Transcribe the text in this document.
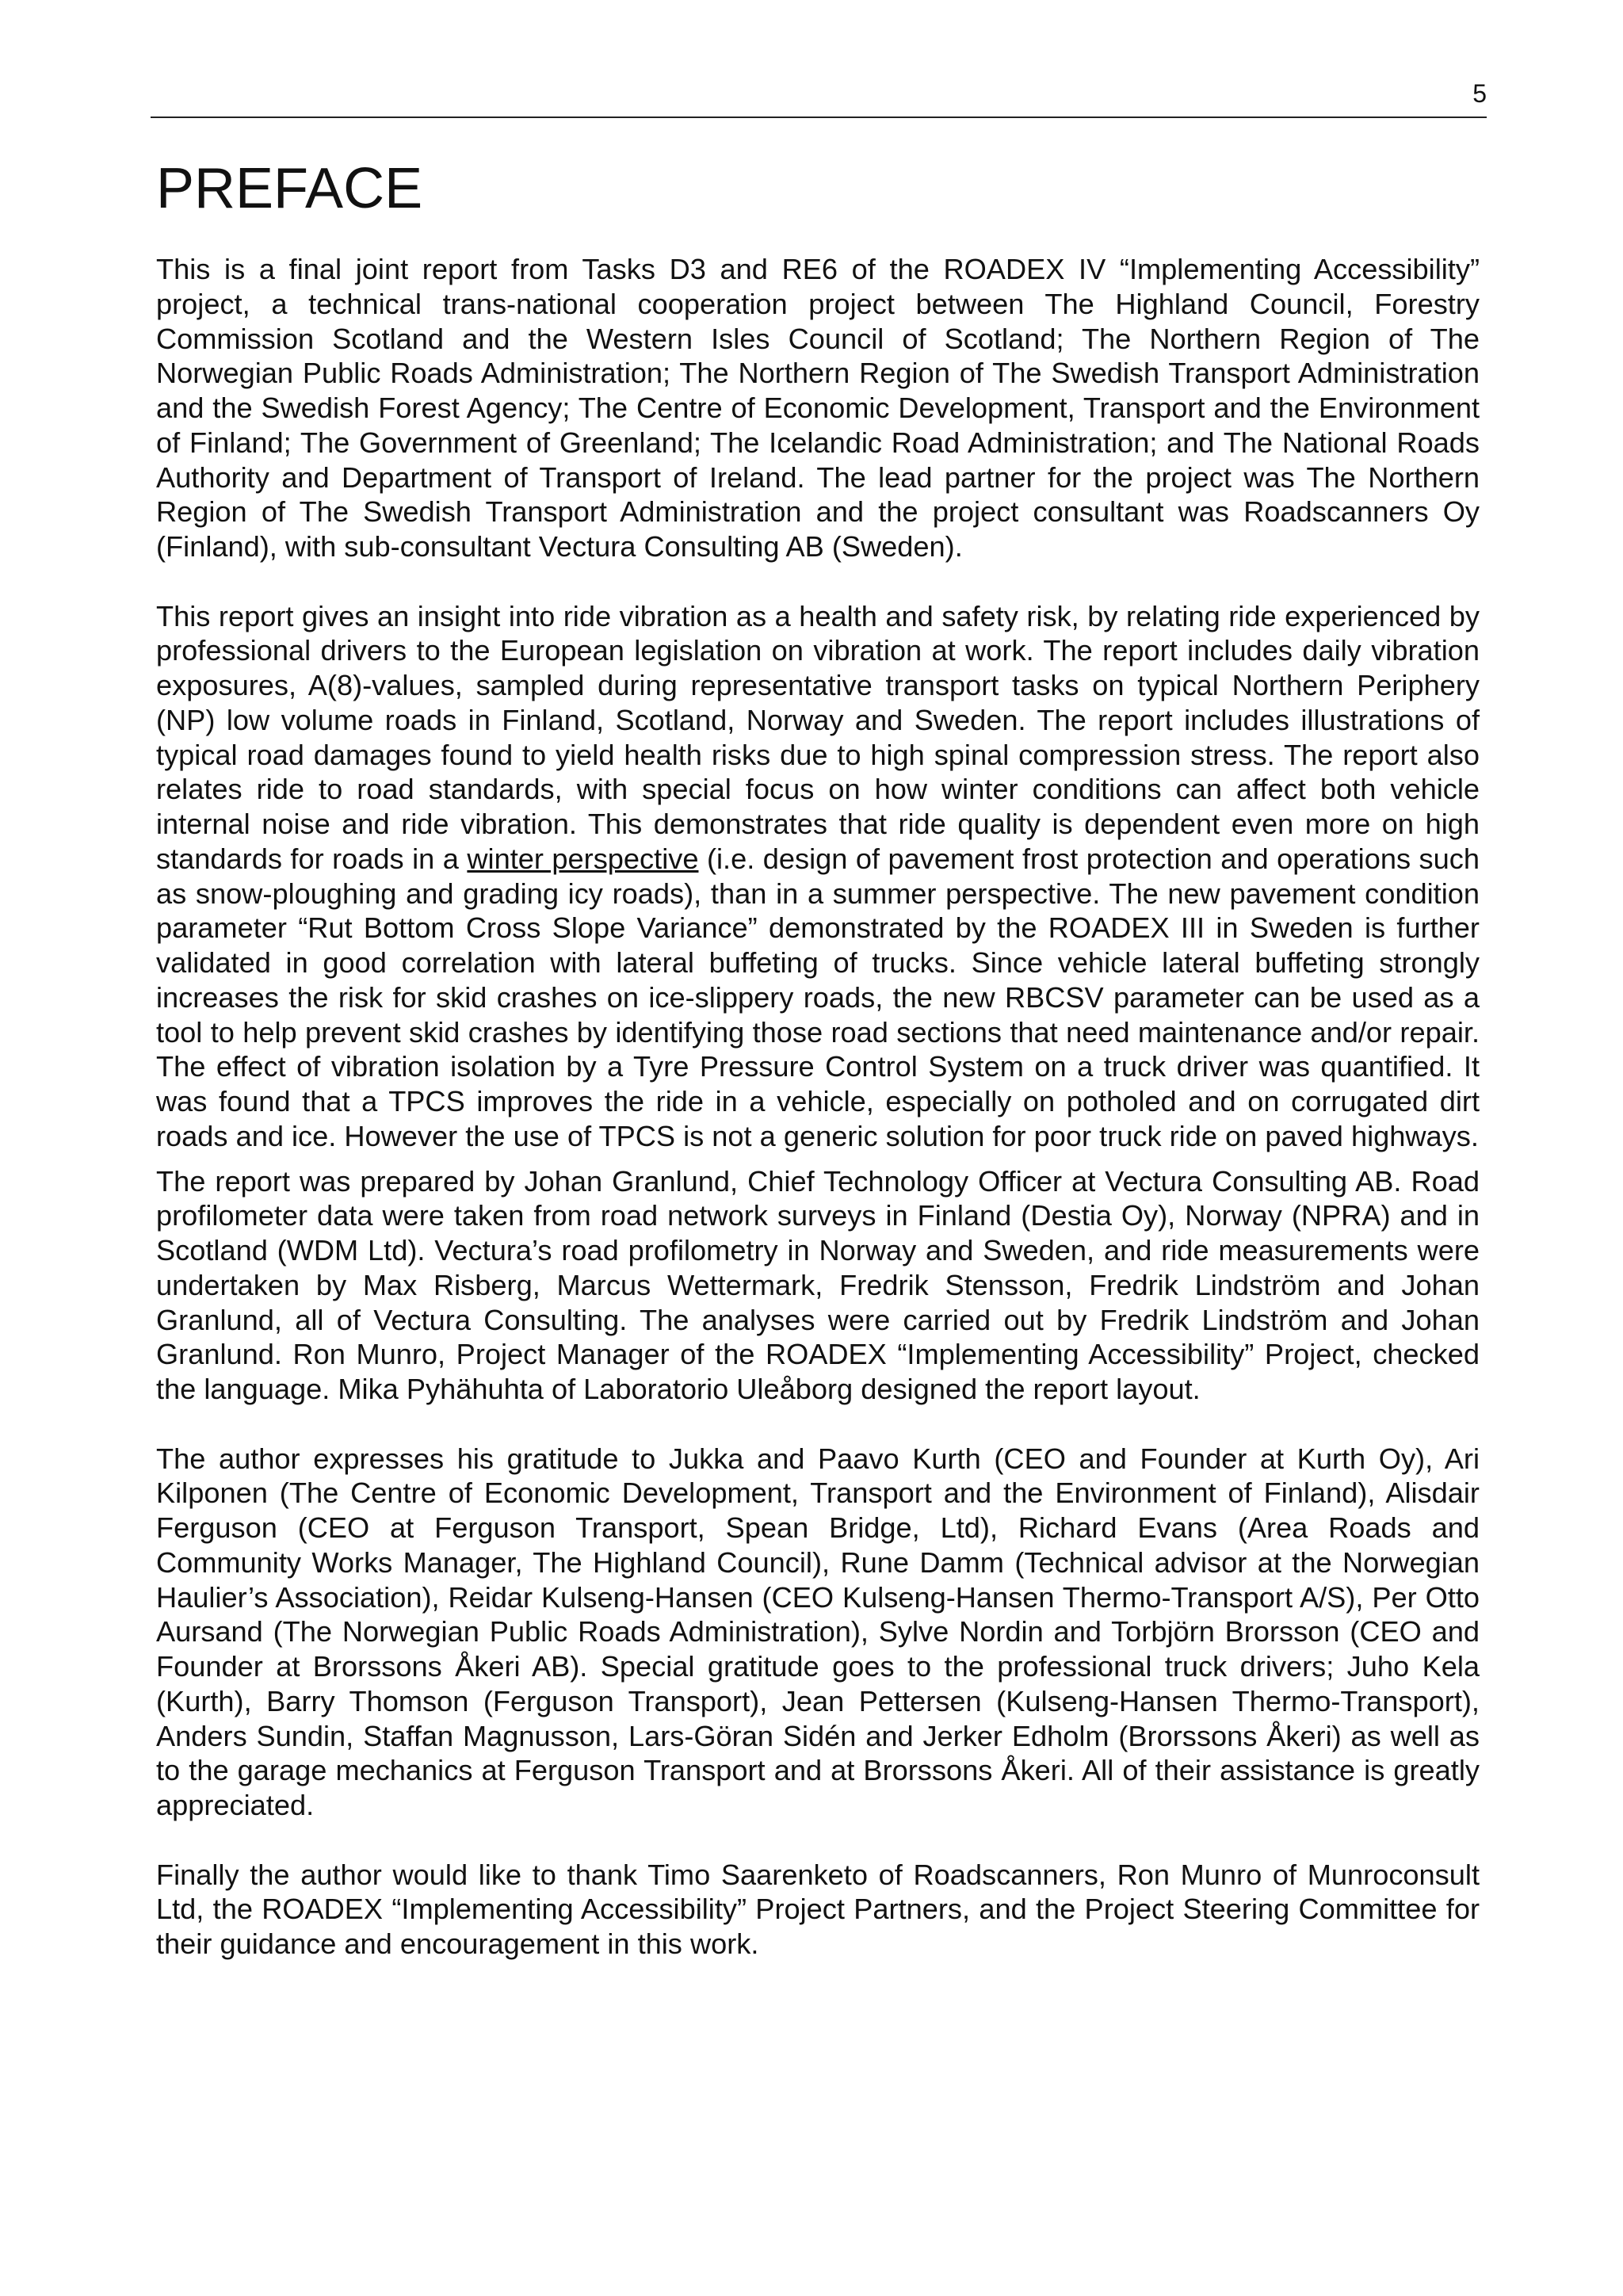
5
PREFACE

This is a final joint report from Tasks D3 and RE6 of the ROADEX IV “Implementing Accessibility” project, a technical trans-national cooperation project between The Highland Council, Forestry Commission Scotland and the Western Isles Council of Scotland; The Northern Region of The Norwegian Public Roads Administration; The Northern Region of The Swedish Transport Administration and the Swedish Forest Agency; The Centre of Economic Development, Transport and the Environment of Finland; The Government of Greenland; The Icelandic Road Administration; and The National Roads Authority and Department of Transport of Ireland. The lead partner for the project was The Northern Region of The Swedish Transport Administration and the project consultant was Roadscanners Oy (Finland), with sub-consultant Vectura Consulting AB (Sweden).

This report gives an insight into ride vibration as a health and safety risk, by relating ride experienced by professional drivers to the European legislation on vibration at work. The report includes daily vibration exposures, A(8)-values, sampled during representative transport tasks on typical Northern Periphery (NP) low volume roads in Finland, Scotland, Norway and Sweden. The report includes illustrations of typical road damages found to yield health risks due to high spinal compression stress. The report also relates ride to road standards, with special focus on how winter conditions can affect both vehicle internal noise and ride vibration. This demonstrates that ride quality is dependent even more on high standards for roads in a winter perspective (i.e. design of pavement frost protection and operations such as snow-ploughing and grading icy roads), than in a summer perspective. The new pavement condition parameter “Rut Bottom Cross Slope Variance” demonstrated by the ROADEX III in Sweden is further validated in good correlation with lateral buffeting of trucks. Since vehicle lateral buffeting strongly increases the risk for skid crashes on ice-slippery roads, the new RBCSV parameter can be used as a tool to help prevent skid crashes by identifying those road sections that need maintenance and/or repair. The effect of vibration isolation by a Tyre Pressure Control System on a truck driver was quantified. It was found that a TPCS improves the ride in a vehicle, especially on potholed and on corrugated dirt roads and ice. However the use of TPCS is not a generic solution for poor truck ride on paved highways.

The report was prepared by Johan Granlund, Chief Technology Officer at Vectura Consulting AB. Road profilometer data were taken from road network surveys in Finland (Destia Oy), Norway (NPRA) and in Scotland (WDM Ltd). Vectura’s road profilometry in Norway and Sweden, and ride measurements were undertaken by Max Risberg, Marcus Wettermark, Fredrik Stensson, Fredrik Lindström and Johan Granlund, all of Vectura Consulting. The analyses were carried out by Fredrik Lindström and Johan Granlund. Ron Munro, Project Manager of the ROADEX “Implementing Accessibility” Project, checked the language. Mika Pyhähuhta of Laboratorio Uleåborg designed the report layout.

The author expresses his gratitude to Jukka and Paavo Kurth (CEO and Founder at Kurth Oy), Ari Kilponen (The Centre of Economic Development, Transport and the Environment of Finland), Alisdair Ferguson (CEO at Ferguson Transport, Spean Bridge, Ltd), Richard Evans (Area Roads and Community Works Manager, The Highland Council), Rune Damm (Technical advisor at the Norwegian Haulier’s Association), Reidar Kulseng-Hansen (CEO Kulseng-Hansen Thermo-Transport A/S), Per Otto Aursand (The Norwegian Public Roads Administration), Sylve Nordin and Torbjörn Brorsson (CEO and Founder at Brorssons Åkeri AB). Special gratitude goes to the professional truck drivers; Juho Kela (Kurth), Barry Thomson (Ferguson Transport), Jean Pettersen (Kulseng-Hansen Thermo-Transport), Anders Sundin, Staffan Magnusson, Lars-Göran Sidén and Jerker Edholm (Brorssons Åkeri) as well as to the garage mechanics at Ferguson Transport and at Brorssons Åkeri. All of their assistance is greatly appreciated.

Finally the author would like to thank Timo Saarenketo of Roadscanners, Ron Munro of Munroconsult Ltd, the ROADEX “Implementing Accessibility” Project Partners, and the Project Steering Committee for their guidance and encouragement in this work.
